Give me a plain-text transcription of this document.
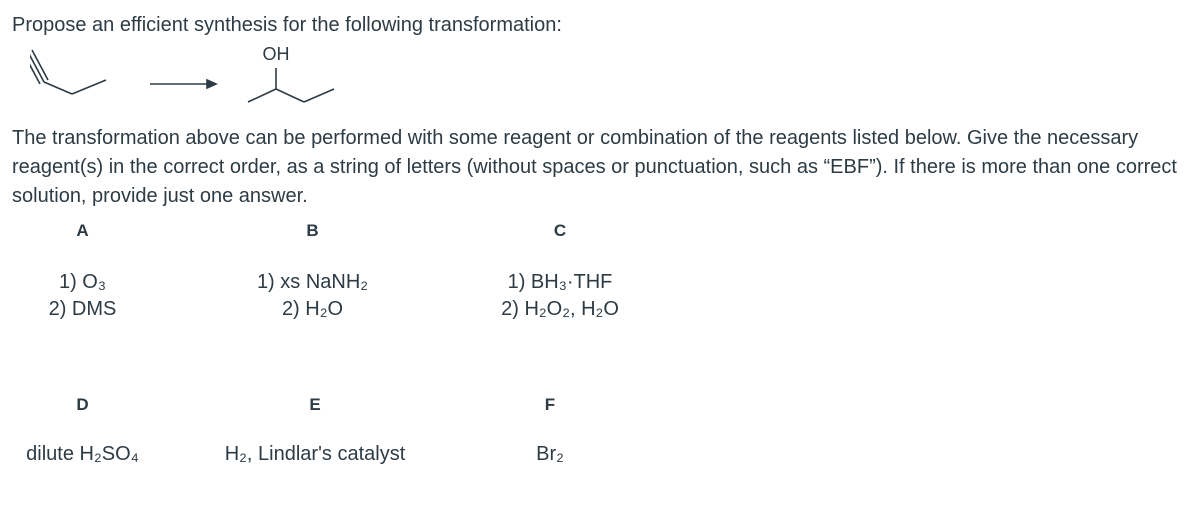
Propose an efficient synthesis for the following transformation:
OH
The transformation above can be performed with some reagent or combination of the reagents listed below. Give the necessary reagent(s) in the correct order, as a string of letters (without spaces or punctuation, such as “EBF”). If there is more than one correct solution, provide just one answer.
A
1) O₃
2) DMS
B
1) xs NaNH₂
2) H₂O
C
1) BH₃·THF
2) H₂O₂, H₂O
D
dilute H₂SO₄
E
H₂, Lindlar's catalyst
F
Br₂
